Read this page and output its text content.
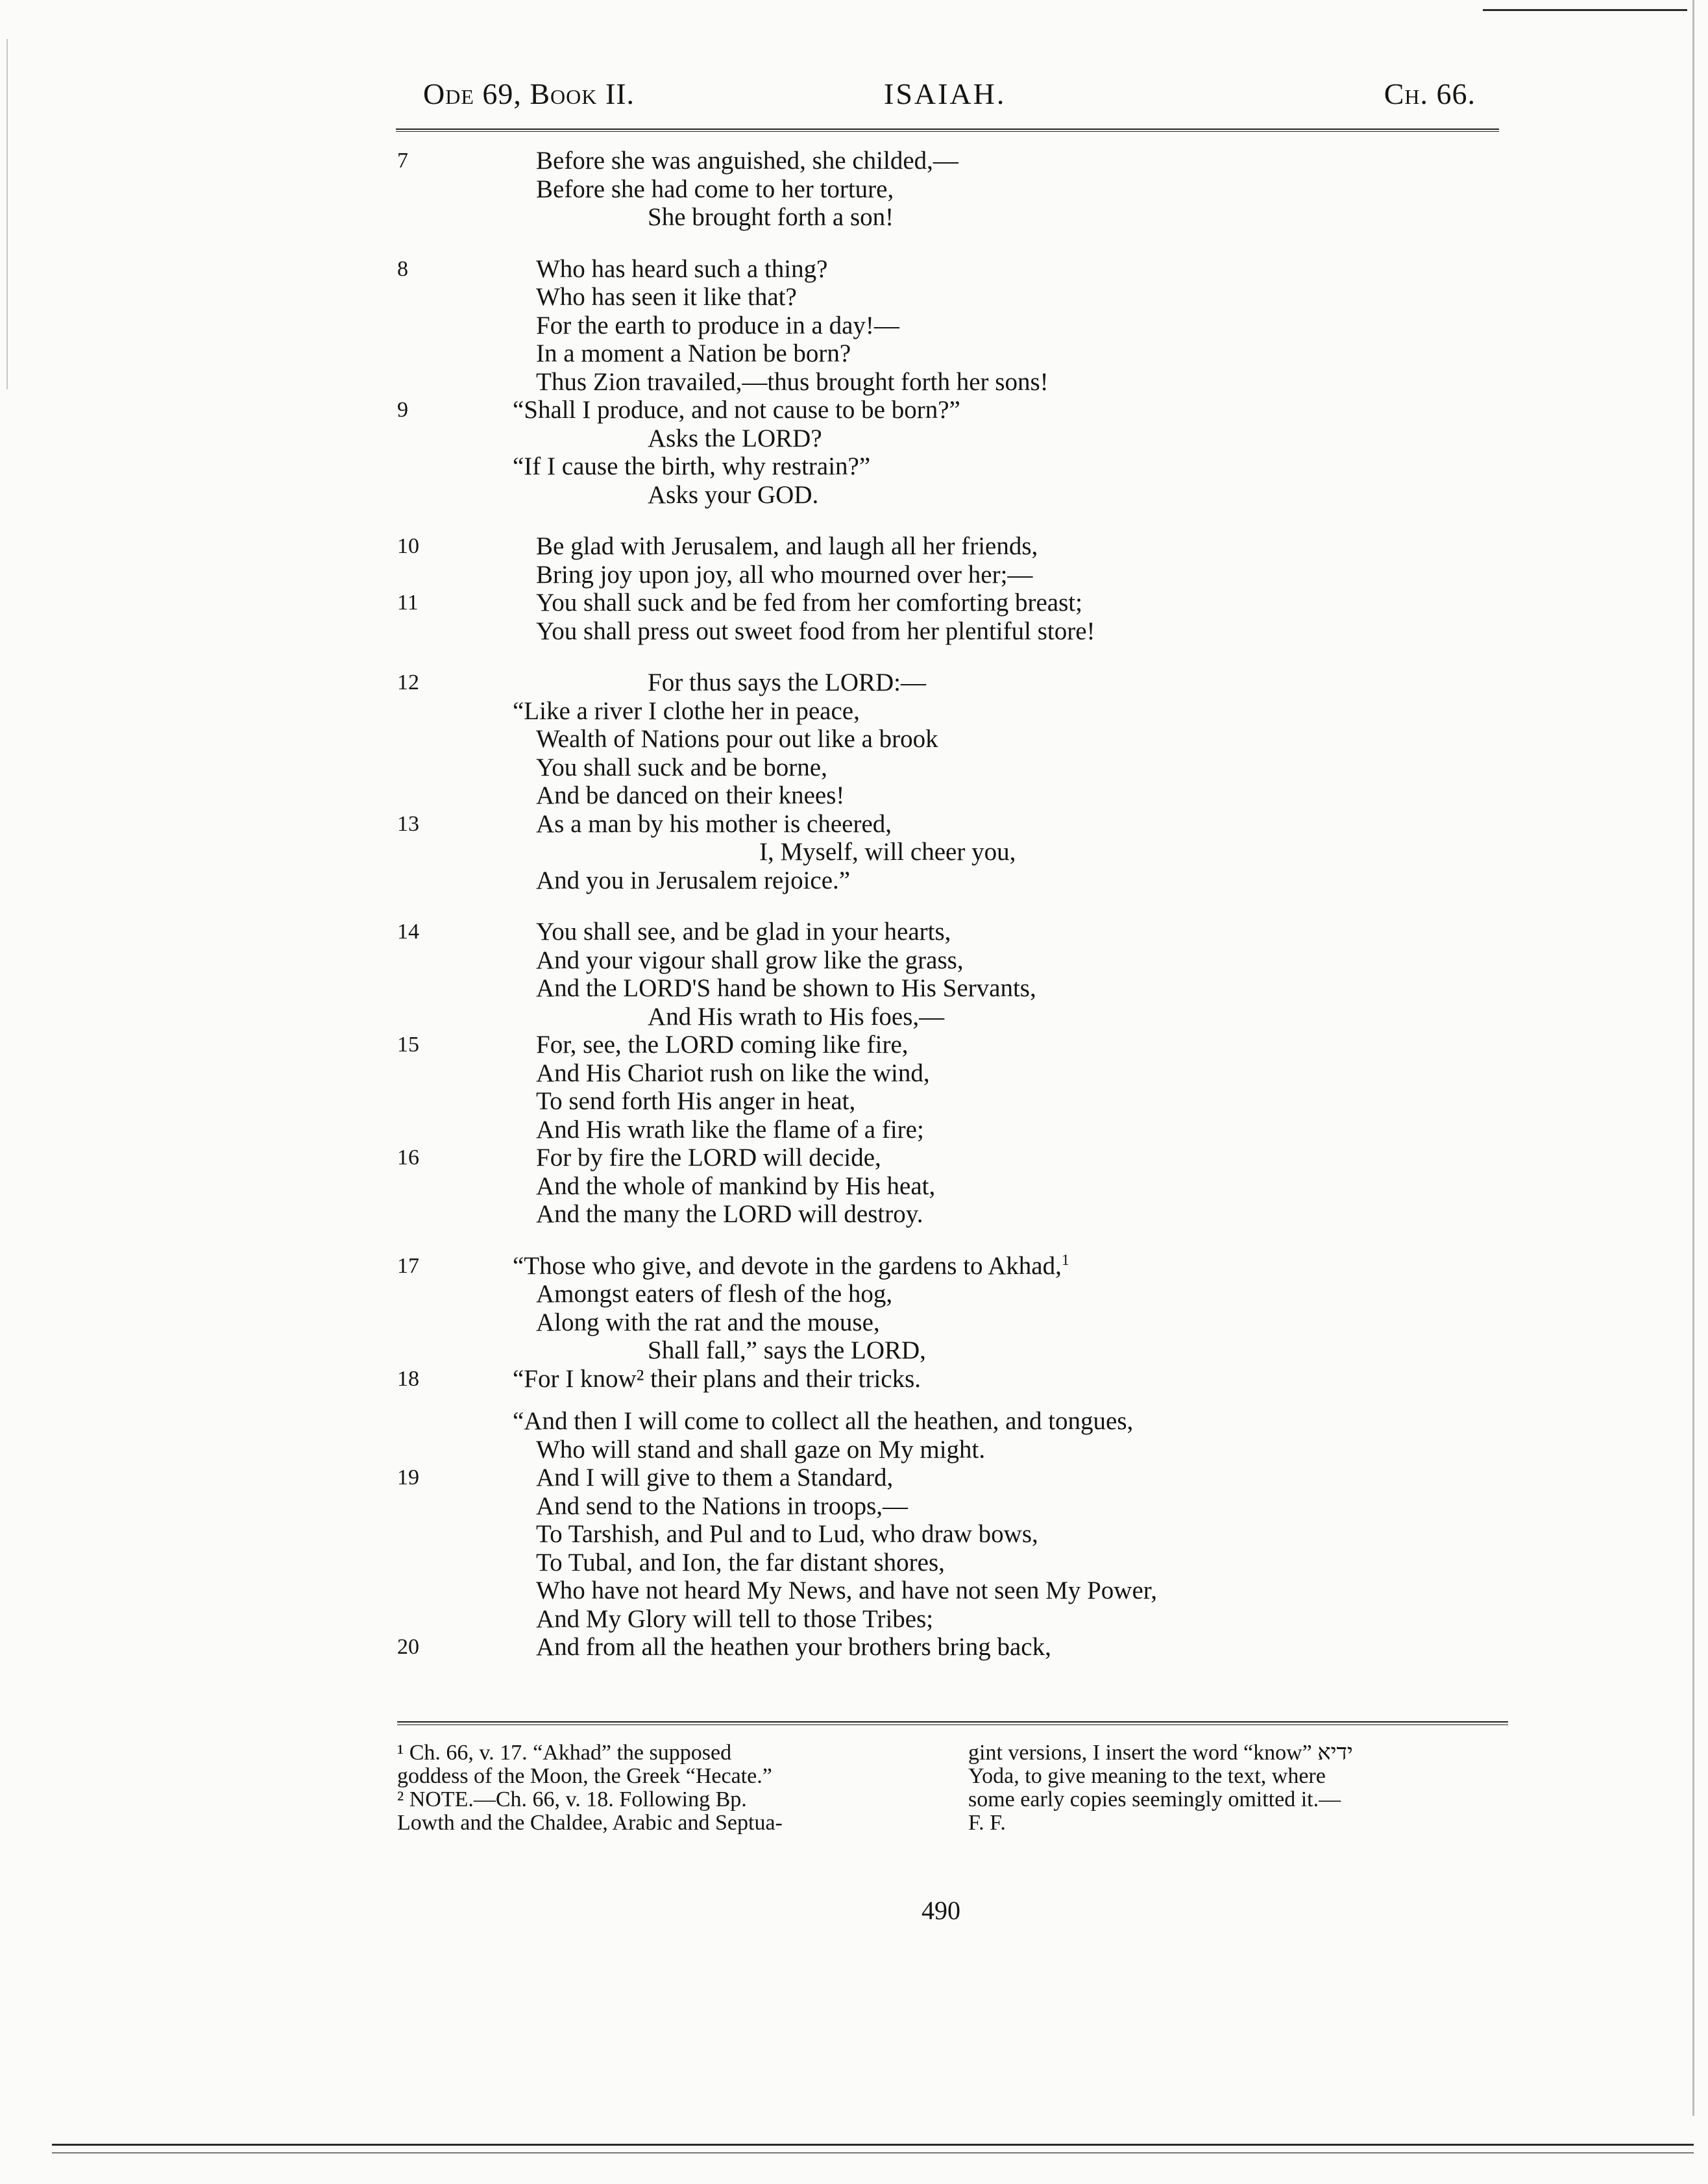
Ode 69, Book II.	ISAIAH.	Ch. 66.
7	Before she was anguished, she childed,—
Before she had come to her torture,
She brought forth a son!
8	Who has heard such a thing?
Who has seen it like that?
For the earth to produce in a day!—
In a moment a Nation be born?
Thus Zion travailed,—thus brought forth her sons!
9	“Shall I produce, and not cause to be born?”
Asks the LORD?
“If I cause the birth, why restrain?”
Asks your GOD.
10	Be glad with Jerusalem, and laugh all her friends,
Bring joy upon joy, all who mourned over her;—
11	You shall suck and be fed from her comforting breast;
You shall press out sweet food from her plentiful store!
12	For thus says the LORD:—
“Like a river I clothe her in peace,
Wealth of Nations pour out like a brook
You shall suck and be borne,
And be danced on their knees!
13	As a man by his mother is cheered,
I, Myself, will cheer you,
And you in Jerusalem rejoice.”
14	You shall see, and be glad in your hearts,
And your vigour shall grow like the grass,
And the LORD'S hand be shown to His Servants,
And His wrath to His foes,—
15	For, see, the LORD coming like fire,
And His Chariot rush on like the wind,
To send forth His anger in heat,
And His wrath like the flame of a fire;
16	For by fire the LORD will decide,
And the whole of mankind by His heat,
And the many the LORD will destroy.
17	“Those who give, and devote in the gardens to Akhad,$^1$
Amongst eaters of flesh of the hog,
Along with the rat and the mouse,
Shall fall,” says the LORD,
18	“For I know² their plans and their tricks.
“And then I will come to collect all the heathen, and tongues,
Who will stand and shall gaze on My might.
19	And I will give to them a Standard,
And send to the Nations in troops,—
To Tarshish, and Pul and to Lud, who draw bows,
To Tubal, and Ion, the far distant shores,
Who have not heard My News, and have not seen My Power,
And My Glory will tell to those Tribes;
20	And from all the heathen your brothers bring back,
¹ Ch. 66, v. 17. “Akhad” the supposed
goddess of the Moon, the Greek “Hecate.”
² NOTE.—Ch. 66, v. 18. Following Bp.
Lowth and the Chaldee, Arabic and Septua-
gint versions, I insert the word “know” ידיא
Yoda, to give meaning to the text, where
some early copies seemingly omitted it.—
F. F.
490
